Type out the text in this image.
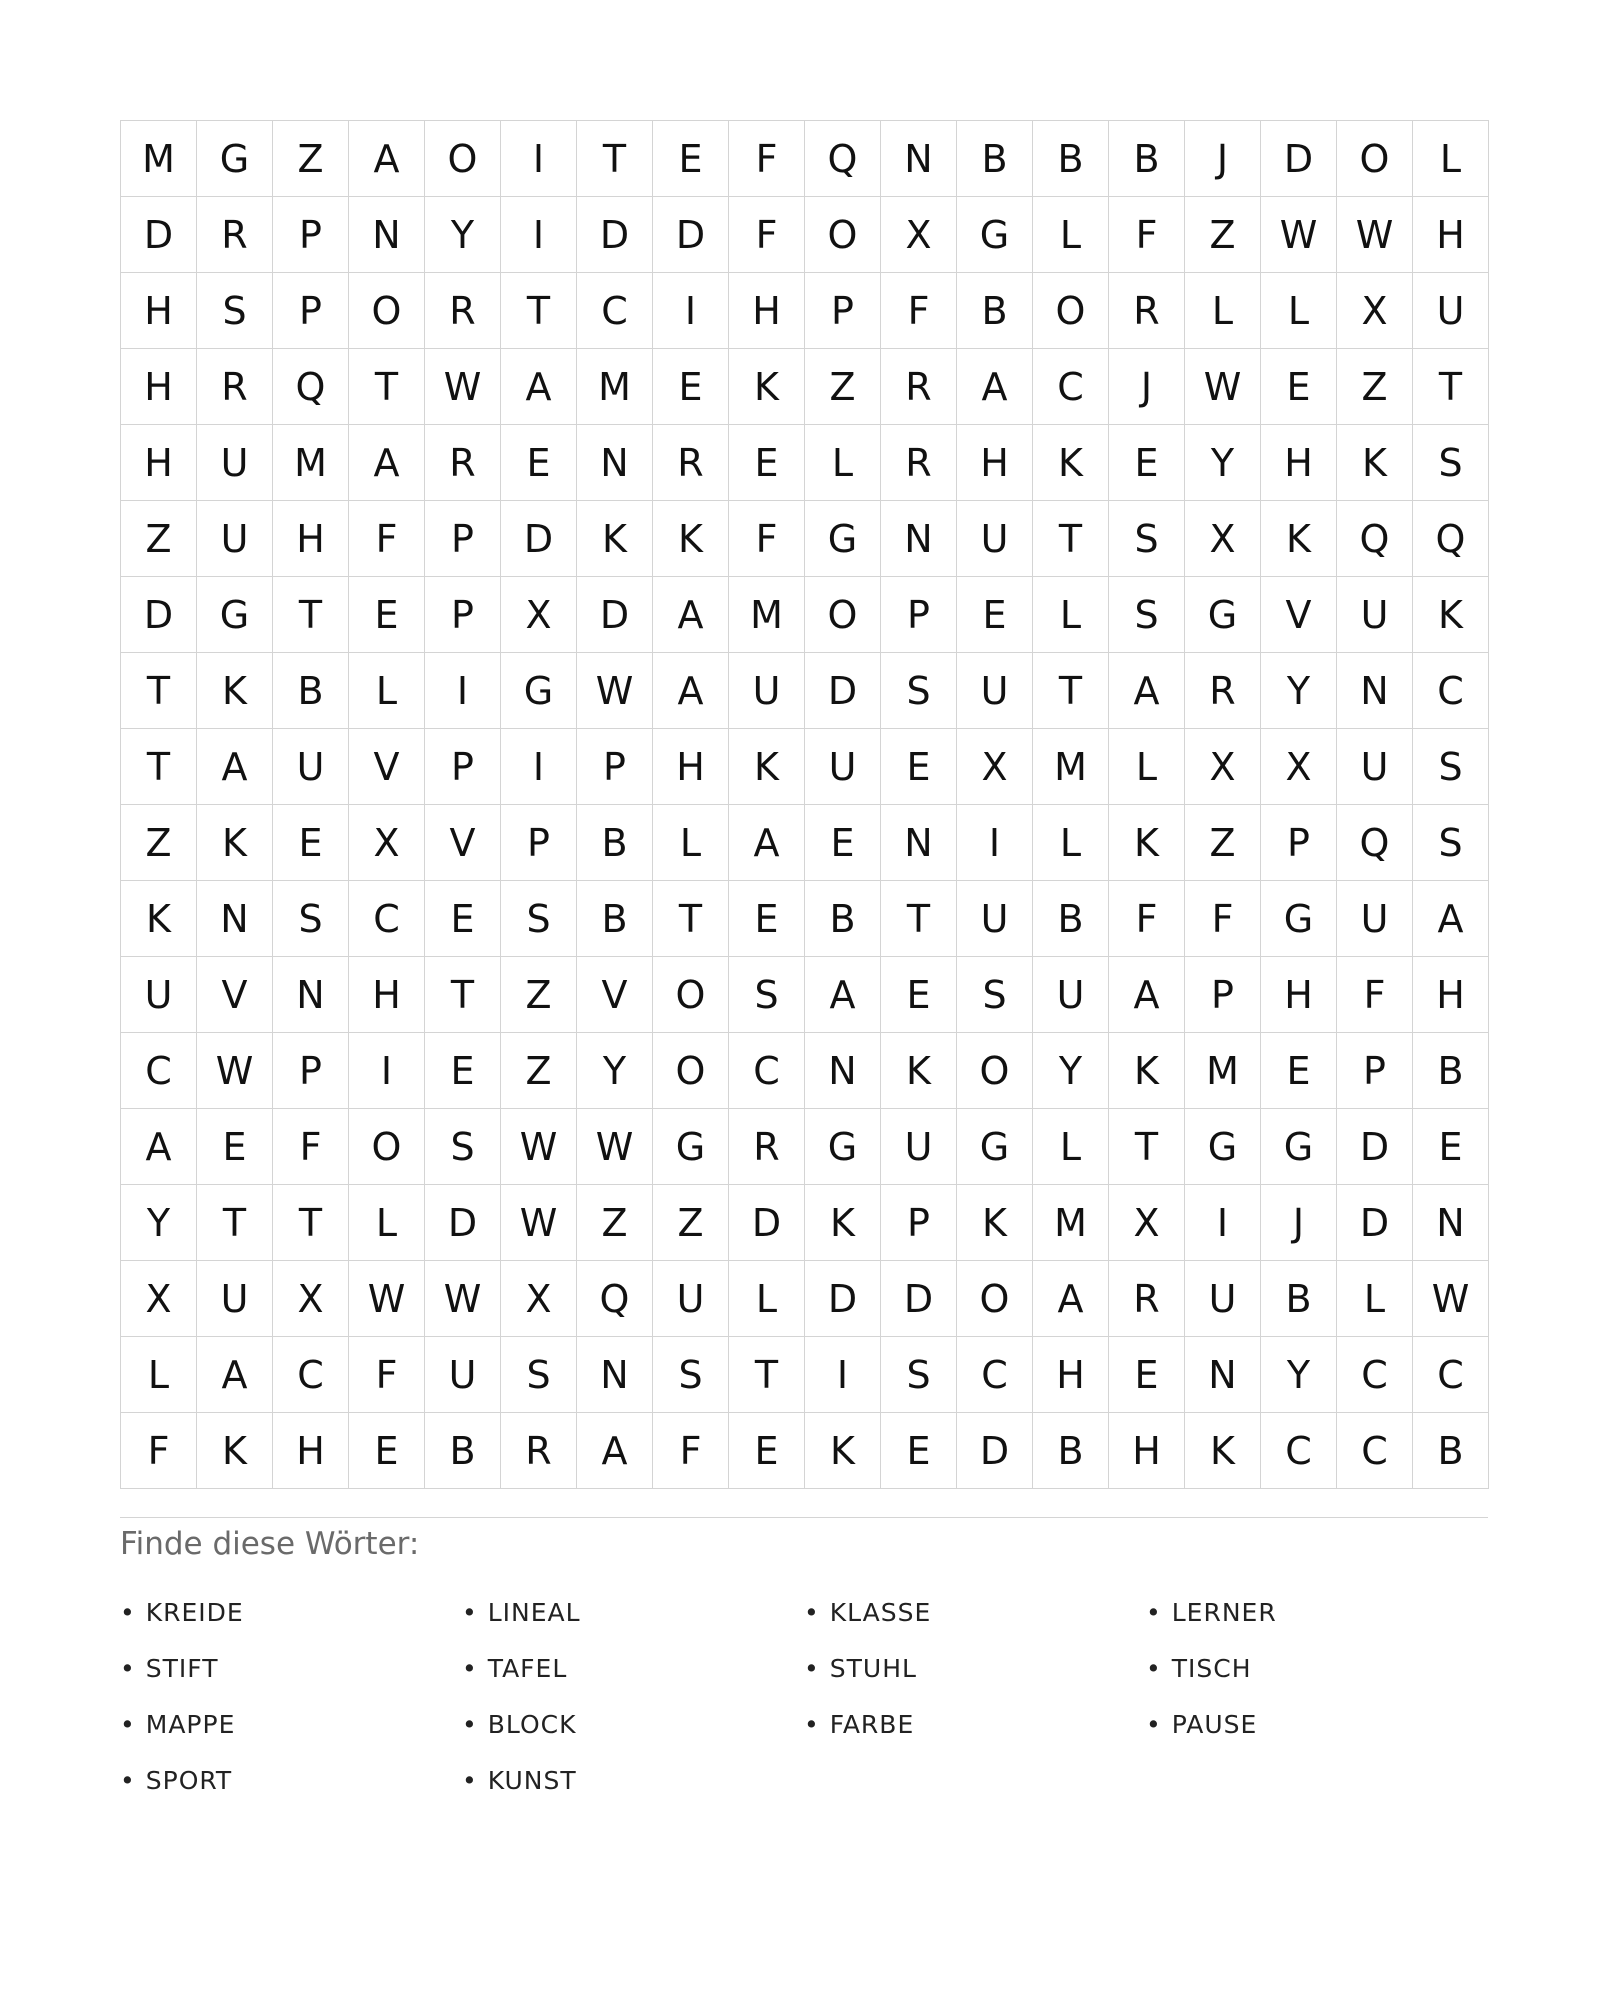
M	G	Z	A	O	I	T	E	F	Q	N	B	B	B	J	D	O	L
D	R	P	N	Y	I	D	D	F	O	X	G	L	F	Z	W	W	H
H	S	P	O	R	T	C	I	H	P	F	B	O	R	L	L	X	U
H	R	Q	T	W	A	M	E	K	Z	R	A	C	J	W	E	Z	T
H	U	M	A	R	E	N	R	E	L	R	H	K	E	Y	H	K	S
Z	U	H	F	P	D	K	K	F	G	N	U	T	S	X	K	Q	Q
D	G	T	E	P	X	D	A	M	O	P	E	L	S	G	V	U	K
T	K	B	L	I	G	W	A	U	D	S	U	T	A	R	Y	N	C
T	A	U	V	P	I	P	H	K	U	E	X	M	L	X	X	U	S
Z	K	E	X	V	P	B	L	A	E	N	I	L	K	Z	P	Q	S
K	N	S	C	E	S	B	T	E	B	T	U	B	F	F	G	U	A
U	V	N	H	T	Z	V	O	S	A	E	S	U	A	P	H	F	H
C	W	P	I	E	Z	Y	O	C	N	K	O	Y	K	M	E	P	B
A	E	F	O	S	W	W	G	R	G	U	G	L	T	G	G	D	E
Y	T	T	L	D	W	Z	Z	D	K	P	K	M	X	I	J	D	N
X	U	X	W	W	X	Q	U	L	D	D	O	A	R	U	B	L	W
L	A	C	F	U	S	N	S	T	I	S	C	H	E	N	Y	C	C
F	K	H	E	B	R	A	F	E	K	E	D	B	H	K	C	C	B
Finde diese Wörter:
• KREIDE	• LINEAL	• KLASSE	• LERNER
• STIFT	• TAFEL	• STUHL	• TISCH
• MAPPE	• BLOCK	• FARBE	• PAUSE
• SPORT	• KUNST
